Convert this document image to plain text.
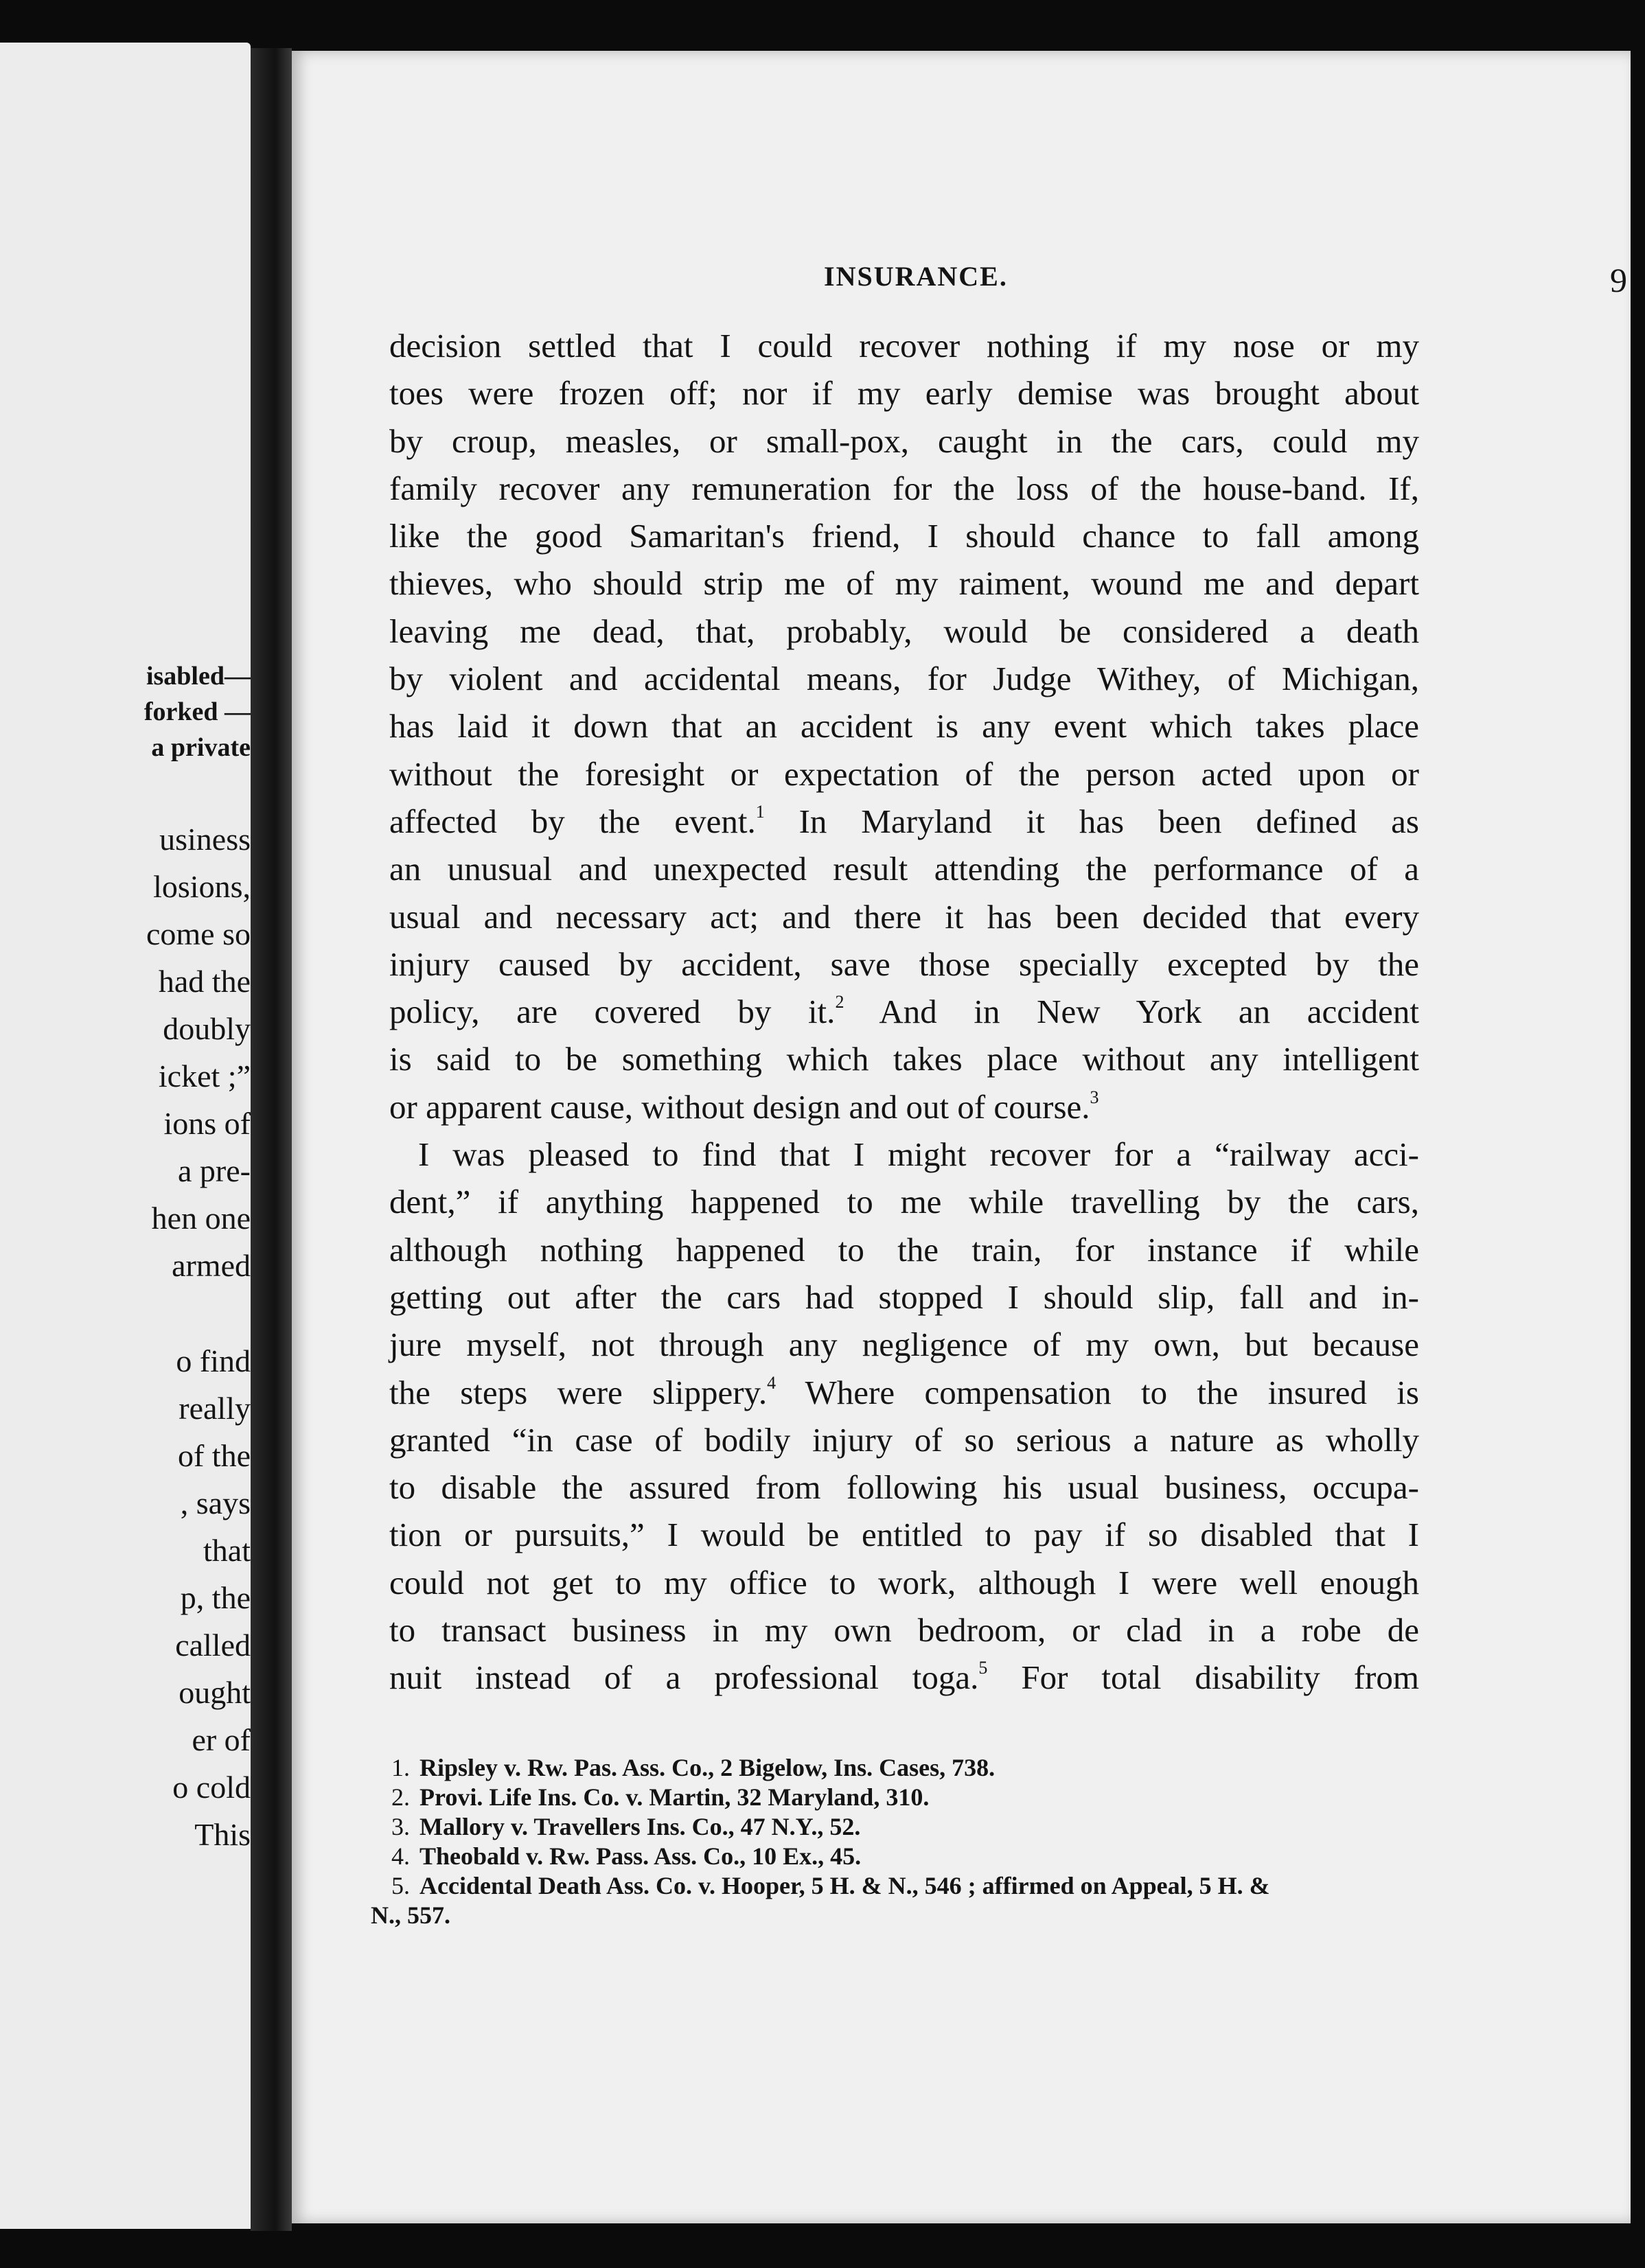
isabled—
forked —
a private
usiness
losions,
come so
had the
doubly
icket ;”
ions of
a pre-
hen one
armed
o find
really
of the
, says
that
p, the
called
ought
er of
o cold
This
INSURANCE.	9
decision settled that I could recover nothing if my nose or my
toes were frozen off; nor if my early demise was brought about
by croup, measles, or small-pox, caught in the cars, could my
family recover any remuneration for the loss of the house-band. If,
like the good Samaritan's friend, I should chance to fall among
thieves, who should strip me of my raiment, wound me and depart
leaving me dead, that, probably, would be considered a death
by violent and accidental means, for Judge Withey, of Michigan,
has laid it down that an accident is any event which takes place
without the foresight or expectation of the person acted upon or
affected by the event.$^1$ In Maryland it has been defined as
an unusual and unexpected result attending the performance of a
usual and necessary act; and there it has been decided that every
injury caused by accident, save those specially excepted by the
policy, are covered by it.$^2$ And in New York an accident
is said to be something which takes place without any intelligent
or apparent cause, without design and out of course.$^3$
I was pleased to find that I might recover for a “railway acci-
dent,” if anything happened to me while travelling by the cars,
although nothing happened to the train, for instance if while
getting out after the cars had stopped I should slip, fall and in-
jure myself, not through any negligence of my own, but because
the steps were slippery.$^4$ Where compensation to the insured is
granted “in case of bodily injury of so serious a nature as wholly
to disable the assured from following his usual business, occupa-
tion or pursuits,” I would be entitled to pay if so disabled that I
could not get to my office to work, although I were well enough
to transact business in my own bedroom, or clad in a robe de
nuit instead of a professional toga.$^5$ For total disability from
1. Ripsley v. Rw. Pas. Ass. Co., 2 Bigelow, Ins. Cases, 738.
2. Provi. Life Ins. Co. v. Martin, 32 Maryland, 310.
3. Mallory v. Travellers Ins. Co., 47 N.Y., 52.
4. Theobald v. Rw. Pass. Ass. Co., 10 Ex., 45.
5. Accidental Death Ass. Co. v. Hooper, 5 H. & N., 546 ; affirmed on Appeal, 5 H. &
N., 557.
